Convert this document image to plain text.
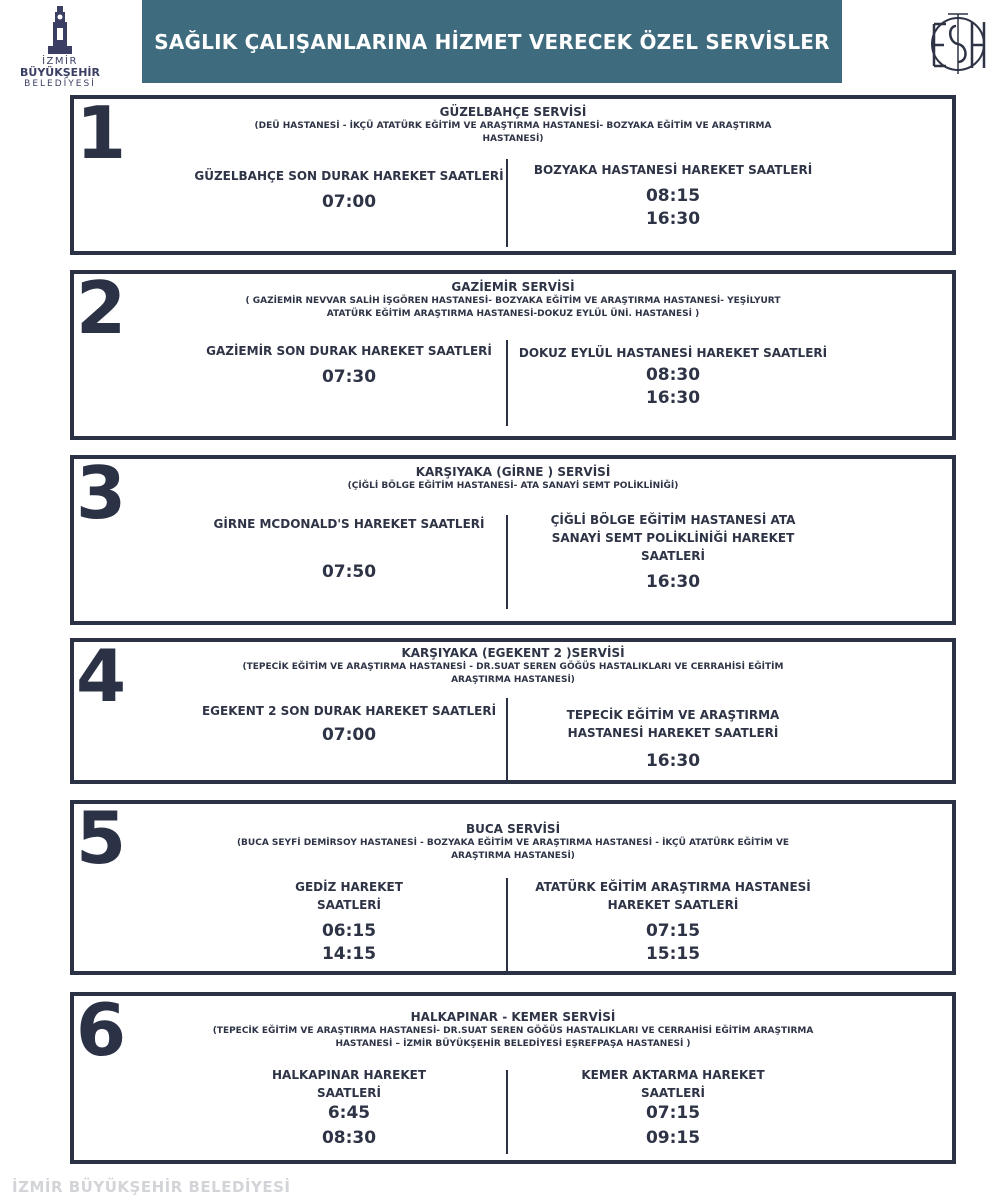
İZMİR
BÜYÜKŞEHİR
BELEDİYESİ
SAĞLIK ÇALIŞANLARINA HİZMET VERECEK ÖZEL SERVİSLER
1	GÜZELBAHÇE SERVİSİ
(DEÜ HASTANESİ - İKÇÜ ATATÜRK EĞİTİM VE ARAŞTIRMA HASTANESİ- BOZYAKA EĞİTİM VE ARAŞTIRMA HASTANESİ)
GÜZELBAHÇE SON DURAK HAREKET SAATLERİ
07:00
BOZYAKA HASTANESİ HAREKET SAATLERİ
08:15
16:30
2	GAZİEMİR SERVİSİ
( GAZİEMİR NEVVAR SALİH İŞGÖREN HASTANESİ- BOZYAKA EĞİTİM VE ARAŞTIRMA HASTANESİ- YEŞİLYURT ATATÜRK EĞİTİM ARAŞTIRMA HASTANESİ-DOKUZ EYLÜL ÜNİ. HASTANESİ )
GAZİEMİR SON DURAK HAREKET SAATLERİ
07:30
DOKUZ EYLÜL HASTANESİ HAREKET SAATLERİ
08:30
16:30
3	KARŞIYAKA (GİRNE ) SERVİSİ
(ÇİĞLİ BÖLGE EĞİTİM HASTANESİ- ATA SANAYİ SEMT POLİKLİNİĞİ)
GİRNE MCDONALD'S HAREKET SAATLERİ
07:50
ÇİĞLİ BÖLGE EĞİTİM HASTANESİ ATA SANAYİ SEMT POLİKLİNİĞİ HAREKET SAATLERİ
16:30
4	KARŞIYAKA (EGEKENT 2 )SERVİSİ
(TEPECİK EĞİTİM VE ARAŞTIRMA HASTANESİ - DR.SUAT SEREN GÖĞÜS HASTALIKLARI VE CERRAHİSİ EĞİTİM ARAŞTIRMA HASTANESİ)
EGEKENT 2 SON DURAK HAREKET SAATLERİ
07:00
TEPECİK EĞİTİM VE ARAŞTIRMA HASTANESİ HAREKET SAATLERİ
16:30
5	BUCA SERVİSİ
(BUCA SEYFİ DEMİRSOY HASTANESİ - BOZYAKA EĞİTİM VE ARAŞTIRMA HASTANESİ - İKÇÜ ATATÜRK EĞİTİM VE ARAŞTIRMA HASTANESİ)
GEDİZ HAREKET SAATLERİ
06:15
14:15
ATATÜRK EĞİTİM ARAŞTIRMA HASTANESİ HAREKET SAATLERİ
07:15
15:15
6	HALKAPINAR - KEMER SERVİSİ
(TEPECİK EĞİTİM VE ARAŞTIRMA HASTANESİ- DR.SUAT SEREN GÖĞÜS HASTALIKLARI VE CERRAHİSİ EĞİTİM ARAŞTIRMA HASTANESİ – İZMİR BÜYÜKŞEHİR BELEDİYESİ EŞREFPAŞA HASTANESİ )
HALKAPINAR HAREKET SAATLERİ
6:45
08:30
KEMER AKTARMA HAREKET SAATLERİ
07:15
09:15
İZMİR BÜYÜKŞEHİR BELEDİYESİ
